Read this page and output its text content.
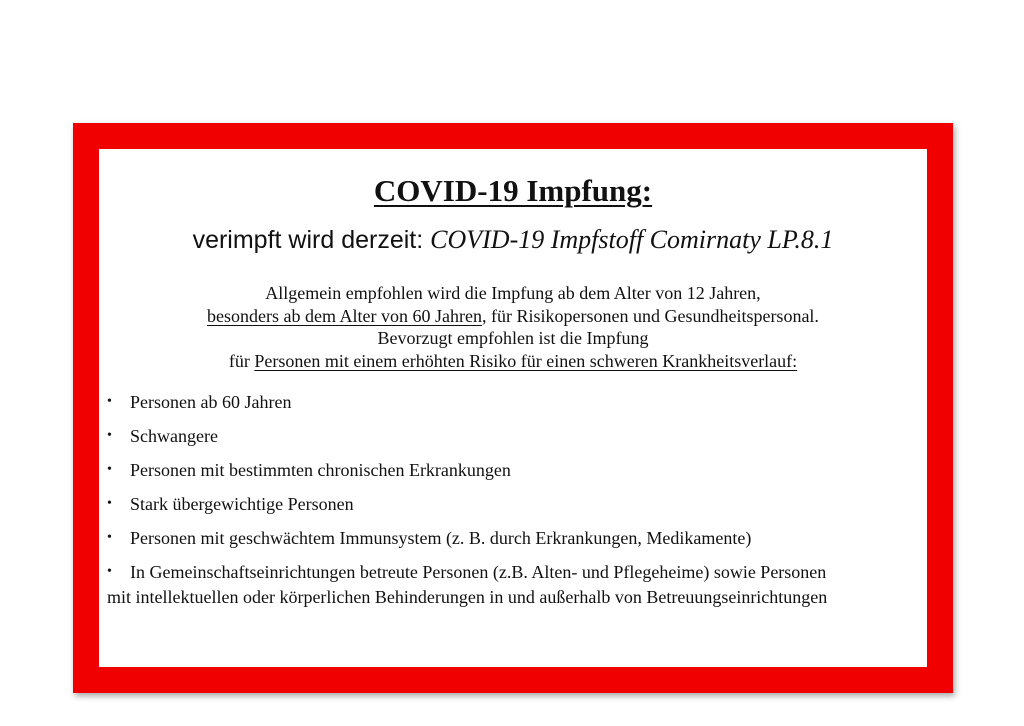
COVID-19 Impfung:
verimpft wird derzeit: COVID-19 Impfstoff Comirnaty LP.8.1
Allgemein empfohlen wird die Impfung ab dem Alter von 12 Jahren,
besonders ab dem Alter von 60 Jahren, für Risikopersonen und Gesundheitspersonal.
Bevorzugt empfohlen ist die Impfung
für Personen mit einem erhöhten Risiko für einen schweren Krankheitsverlauf:
• Personen ab 60 Jahren
• Schwangere
• Personen mit bestimmten chronischen Erkrankungen
• Stark übergewichtige Personen
• Personen mit geschwächtem Immunsystem (z. B. durch Erkrankungen, Medikamente)
• In Gemeinschaftseinrichtungen betreute Personen (z.B. Alten- und Pflegeheime) sowie Personen
mit intellektuellen oder körperlichen Behinderungen in und außerhalb von Betreuungseinrichtungen
